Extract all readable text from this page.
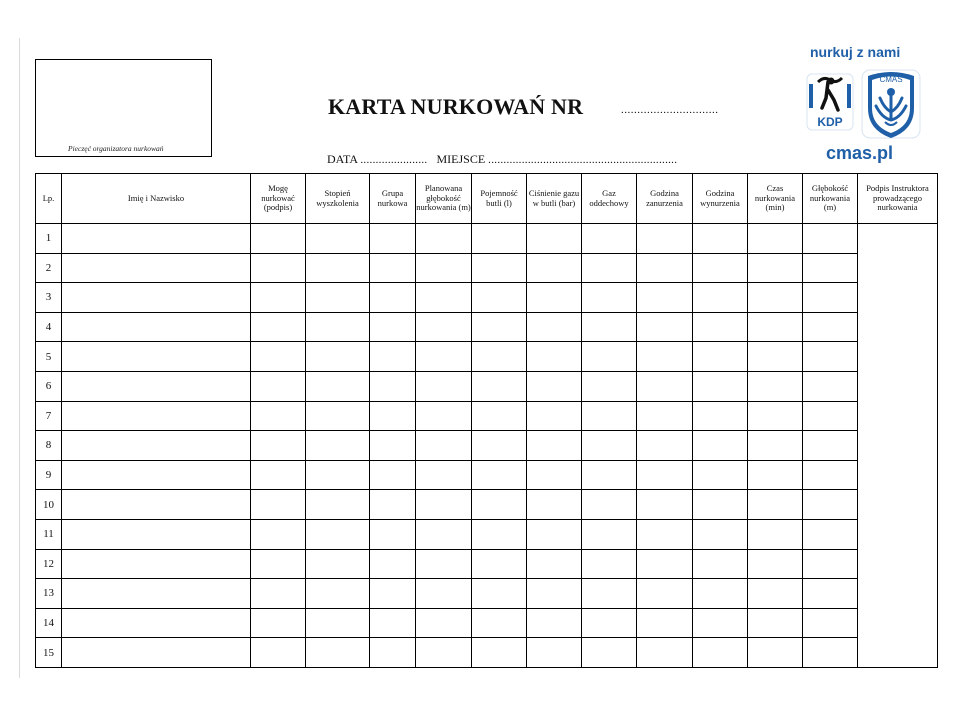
Pieczęć organizatora nurkowań
KARTA NURKOWAŃ NR	..............................
DATA ...................... MIEJSCE ..............................................................
nurkuj z nami
KDP
CMAS
cmas.pl
Lp.	Imię i Nazwisko	Mogę nurkować (podpis)	Stopień wyszkolenia	Grupa nurkowa	Planowana głębokość nurkowania (m)	Pojemność butli (l)	Ciśnienie gazu w butli (bar)	Gaz oddechowy	Godzina zanurzenia	Godzina wynurzenia	Czas nurkowania (min)	Głębokość nurkowania (m)	Podpis Instruktora prowadzącego nurkowania
1													
2													
3													
4													
5													
6													
7													
8													
9													
10													
11													
12													
13													
14													
15													
